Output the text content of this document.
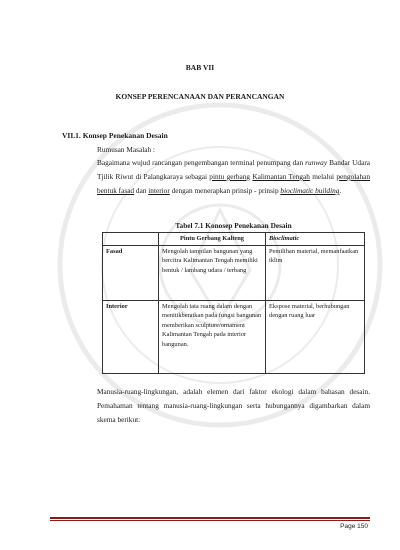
BAB VII
KONSEP PERENCANAAN DAN PERANCANGAN
VII.1. Konsep Penekanan Desain
Rumusan Masalah :
Bagaimana wujud rancangan pengembangan terminal penumpang dan runway Bandar Udara Tjilik Riwut di Palangkaraya sebagai pintu gerbang Kalimantan Tengah melalui pengolahan bentuk fasad dan interior dengan menerapkan prinsip - prinsip bioclimatic building.
Tabel 7.1 Konosep Penekanan Desain
	Pintu Gerbang Kalteng	Bioclimatic
Fasad	Mengolah tampilan bangunan yang bercitra Kalimantan Tengah memiliki bentuk / lambang udara / terbang	Pemilihan material, memanfaatkan iklim
Interior	Mengolah tata ruang dalam dengan menitikberatkan pada fungsi bangunan memberikan sculpture/ornament Kalimantan Tengah pada interior bangunan.	Ekspose material, berhubungan dengan ruang luar
Manusia-ruang-lingkungan, adalah elemen dari faktor ekologi dalam bahasan desain. Pemahaman tentang manusia-ruang-lingkungan serta hubungannya digambarkan dalam skema berikut:
Page 150
